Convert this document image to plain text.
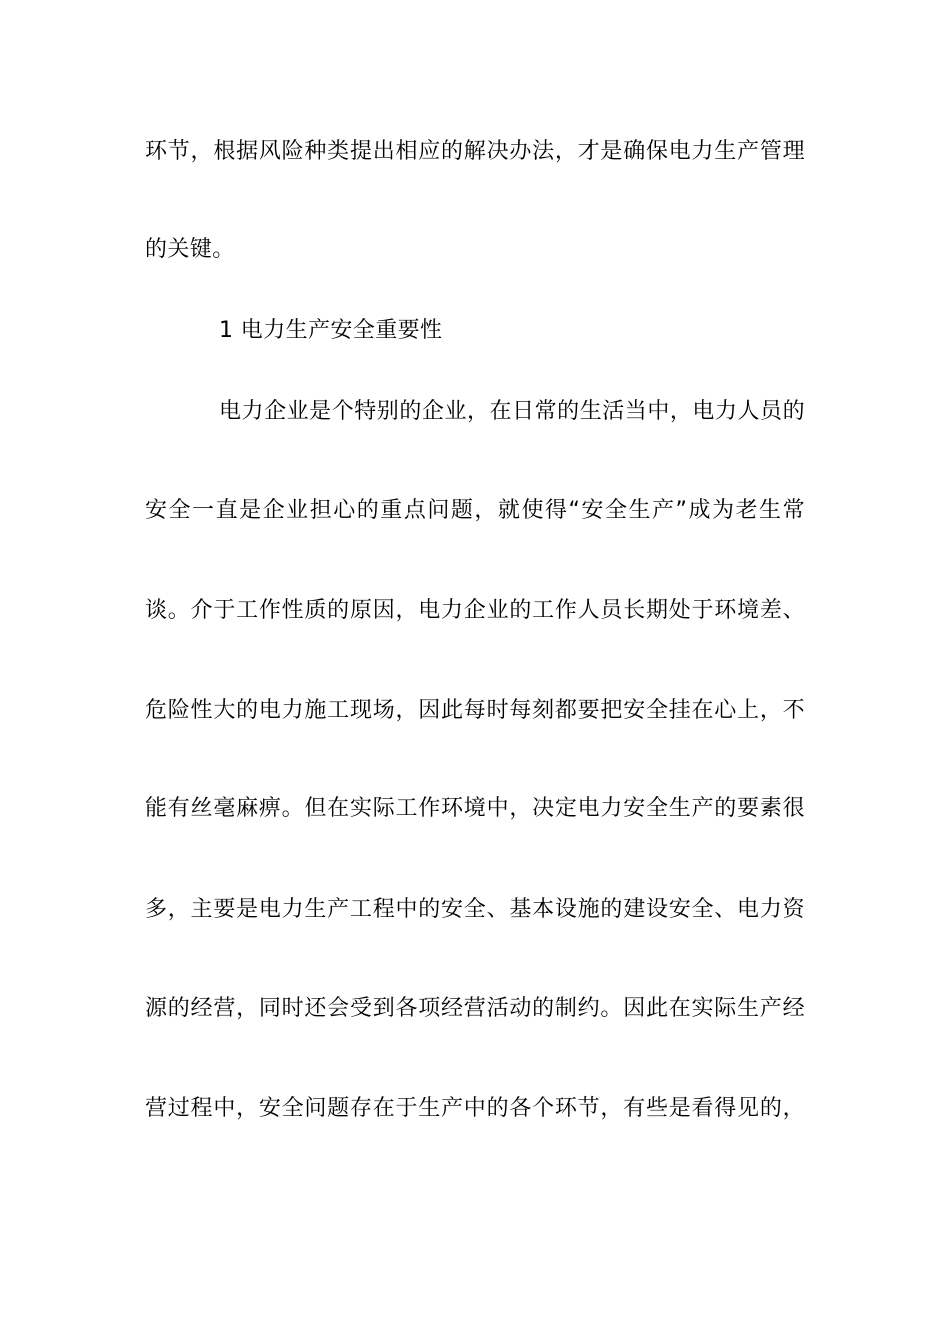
环节，根据风险种类提出相应的解决办法，才是确保电力生产管理
的关键。
1 电力生产安全重要性
电力企业是个特别的企业，在日常的生活当中，电力人员的
安全一直是企业担心的重点问题，就使得“安全生产”成为老生常
谈。介于工作性质的原因，电力企业的工作人员长期处于环境差、
危险性大的电力施工现场，因此每时每刻都要把安全挂在心上，不
能有丝毫麻痹。但在实际工作环境中，决定电力安全生产的要素很
多，主要是电力生产工程中的安全、基本设施的建设安全、电力资
源的经营，同时还会受到各项经营活动的制约。因此在实际生产经
营过程中，安全问题存在于生产中的各个环节，有些是看得见的，
